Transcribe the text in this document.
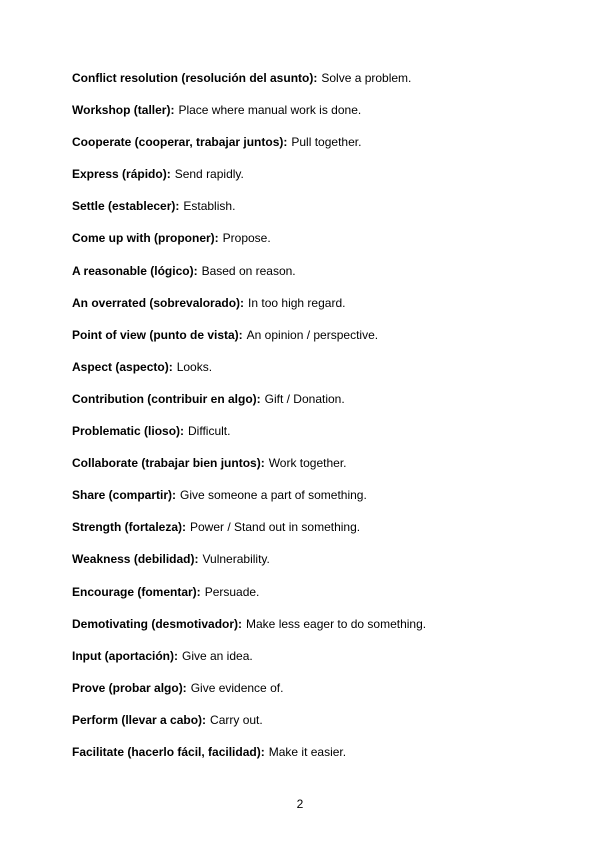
Conflict resolution (resolución del asunto): Solve a problem.
Workshop (taller): Place where manual work is done.
Cooperate (cooperar, trabajar juntos): Pull together.
Express (rápido): Send rapidly.
Settle (establecer): Establish.
Come up with (proponer): Propose.
A reasonable (lógico): Based on reason.
An overrated (sobrevalorado): In too high regard.
Point of view (punto de vista): An opinion / perspective.
Aspect (aspecto): Looks.
Contribution (contribuir en algo): Gift / Donation.
Problematic (lioso): Difficult.
Collaborate (trabajar bien juntos): Work together.
Share (compartir): Give someone a part of something.
Strength (fortaleza): Power / Stand out in something.
Weakness (debilidad): Vulnerability.
Encourage (fomentar): Persuade.
Demotivating (desmotivador): Make less eager to do something.
Input (aportación): Give an idea.
Prove (probar algo): Give evidence of.
Perform (llevar a cabo): Carry out.
Facilitate (hacerlo fácil, facilidad): Make it easier.
2
